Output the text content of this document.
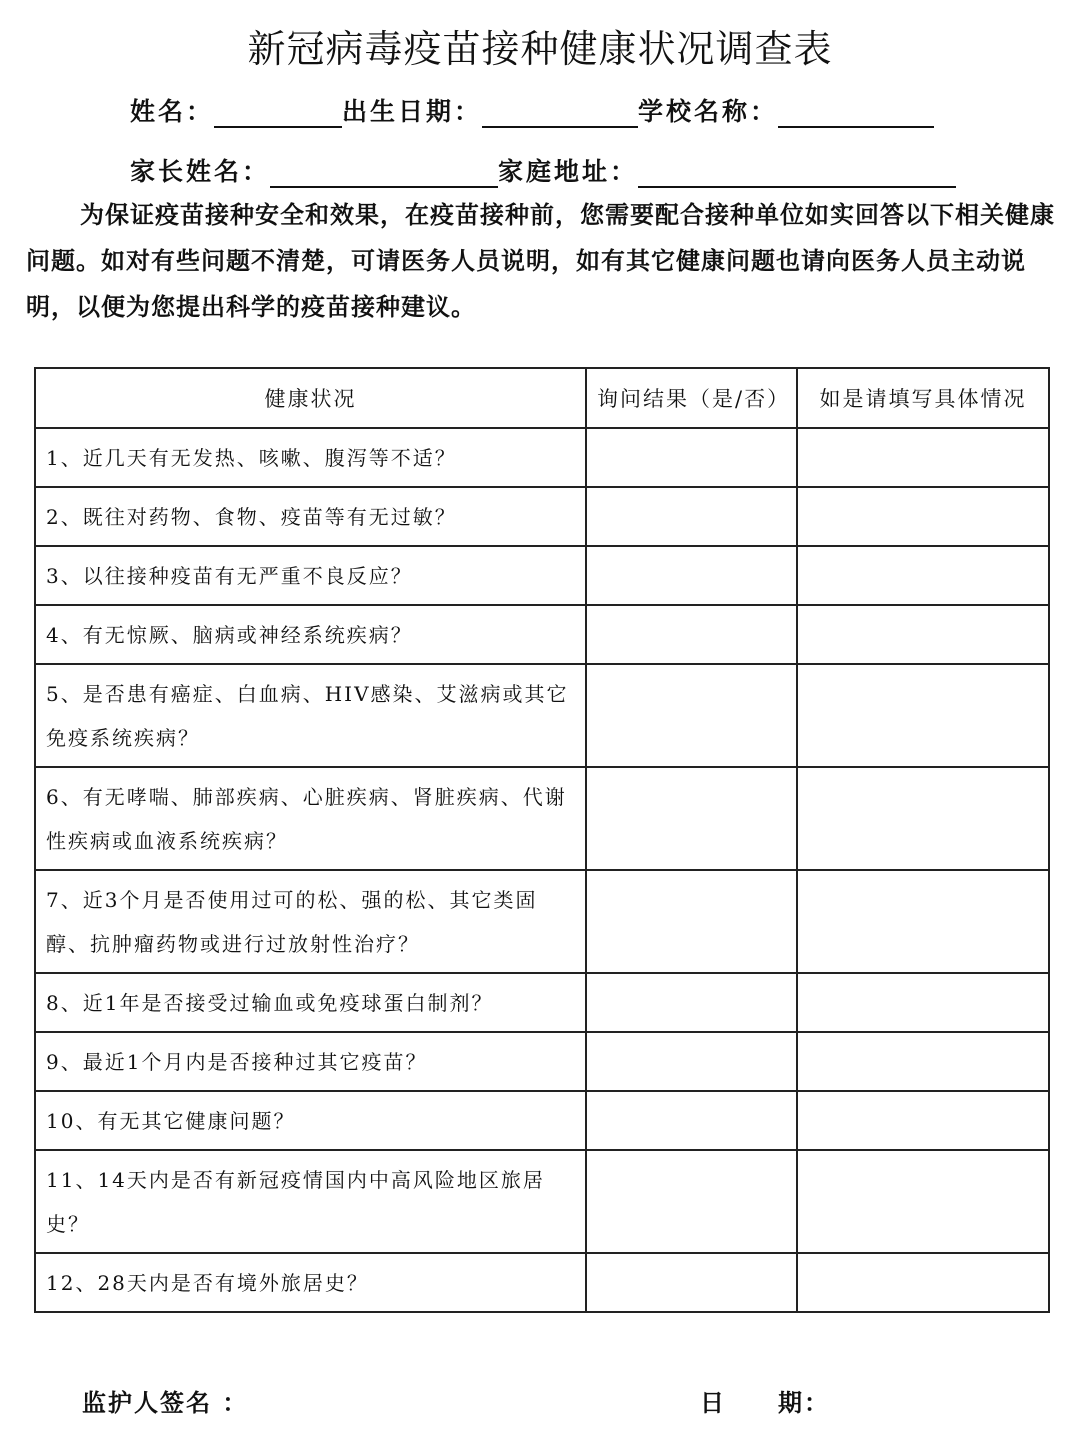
新冠病毒疫苗接种健康状况调查表
姓名：	出生日期：	学校名称：
家长姓名：	家庭地址：
为保证疫苗接种安全和效果，在疫苗接种前，您需要配合接种单位如实回答以下相关健康问题。如对有些问题不清楚，可请医务人员说明，如有其它健康问题也请向医务人员主动说明，以便为您提出科学的疫苗接种建议。
健康状况	询问结果（是/否）	如是请填写具体情况
1、近几天有无发热、咳嗽、腹泻等不适？		
2、既往对药物、食物、疫苗等有无过敏？		
3、以往接种疫苗有无严重不良反应？		
4、有无惊厥、脑病或神经系统疾病？		
5、是否患有癌症、白血病、HIV感染、艾滋病或其它免疫系统疾病？		
6、有无哮喘、肺部疾病、心脏疾病、肾脏疾病、代谢性疾病或血液系统疾病？		
7、近3个月是否使用过可的松、强的松、其它类固醇、抗肿瘤药物或进行过放射性治疗？		
8、近1年是否接受过输血或免疫球蛋白制剂？		
9、最近1个月内是否接种过其它疫苗？		
10、有无其它健康问题？		
11、14天内是否有新冠疫情国内中高风险地区旅居史？		
12、28天内是否有境外旅居史？		
监护人签名 ：	日　　期：
